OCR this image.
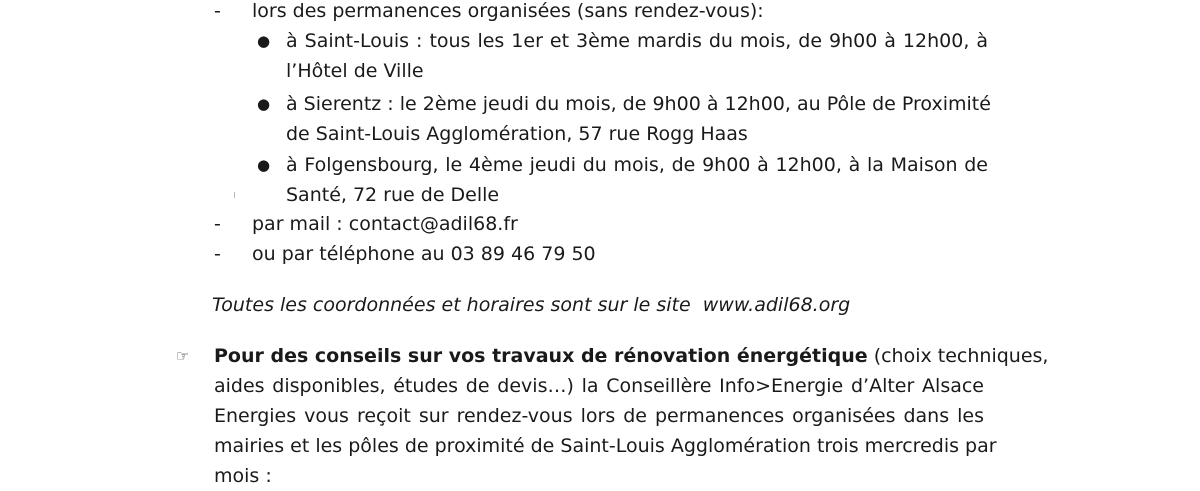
- lors des permanences organisées (sans rendez-vous):
● à Saint-Louis : tous les 1er et 3ème mardis du mois, de 9h00 à 12h00, à
l’Hôtel de Ville
● à Sierentz : le 2ème jeudi du mois, de 9h00 à 12h00, au Pôle de Proximité
de Saint-Louis Agglomération, 57 rue Rogg Haas
● à Folgensbourg, le 4ème jeudi du mois, de 9h00 à 12h00, à la Maison de
Santé, 72 rue de Delle
- par mail : contact@adil68.fr
- ou par téléphone au 03 89 46 79 50
Toutes les coordonnées et horaires sont sur le site  www.adil68.org
☞ Pour des conseils sur vos travaux de rénovation énergétique (choix techniques,
aides disponibles, études de devis…) la Conseillère Info>Energie d’Alter Alsace
Energies vous reçoit sur rendez-vous lors de permanences organisées dans les
mairies et les pôles de proximité de Saint-Louis Agglomération trois mercredis par
mois :
